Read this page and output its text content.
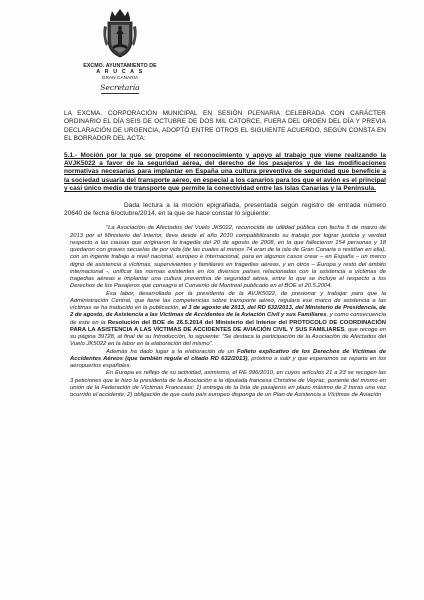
EXCMO. AYUNTAMIENTO DE
A R U C A S
GRAN CANARIA
Secretaría

LA EXCMA. CORPORACIÓN MUNICIPAL EN SESIÓN PLENARIA CELEBRADA CON CARÁCTER ORDINARIO EL DÍA SEIS DE OCTUBRE DE DOS MIL CATORCE, FUERA DEL ORDEN DEL DÍA Y PREVIA DECLARACIÓN DE URGENCIA, ADOPTÓ ENTRE OTROS EL SIGUIENTE ACUERDO, SEGÚN CONSTA EN EL BORRADOR DEL ACTA:

5.1.- Moción por la que se propone el reconocimiento y apoyo al trabajo que viene realizando la AVJK5022 a favor de la seguridad aérea, del derecho de los pasajeros y de las modificaciones normativas necesarias para implantar en España una cultura preventiva de seguridad que beneficie a la sociedad usuaria del transporte aéreo, en especial a los canarios para los que el avión es el principal y casi único medio de transporte que permite la conectividad entre las Islas Canarias y la Península.

Dada lectura a la moción epigrafiada, presentada según registro de entrada número 20640 de fecha 6/octubre/2014, en la que se hace constar lo siguiente:

"La Asociación de Afectados del Vuelo JK5022, reconocida de utilidad pública con fecha 5 de marzo de 2013 por el Ministerio del Interior, lleva desde el año 2010 compatibilizando su trabajo por lograr justicia y verdad respecto a las causas que originaron la tragedia del 20 de agosto de 2008, en la que fallecieron 154 personas y 18 quedaron con graves secuelas de por vida (de las cuales al menos 74 eran de la isla de Gran Canaria o residían en ella), con un ingente trabajo a nivel nacional, europeo e internacional, para en algunos casos crear – en España – un marco digno de asistencia a víctimas, supervivientes y familiares en tragedias aéreas, y en otros – Europa y resto del ámbito internacional -, unificar las normas existentes en los diversos países relacionadas con la asistencia a víctimas de tragedias aéreas e implantar una cultura preventiva de seguridad aérea, entre lo que se incluye el respecto a los Derechos de los Pasajeros que consagra el Convenio de Montreal publicado en el BOE el 20.5.2004.

Esa labor, desarrollada por la presidenta de la AVJK5022, de presionar y trabajar para que la Administración Central, que tiene las competencias sobre transporte aéreo, regulara ese marco de asistencia a las víctimas se ha traducido en la publicación, el 3 de agosto de 2013, del RD 632/2013, del Ministerio de Presidencia, de 2 de agosto, de Asistencia a las Víctimas de Accidentes de la Aviación Civil y sus Familiares, y como consecuencia de este en la Resolución del BOE de 26.5.2014 del Ministerio del Interior del PROTOCOLO DE COORDINACIÓN PARA LA ASISTENCIA A LAS VÍCTIMAS DE ACCIDENTES DE AVIACIÓN CIVIL Y SUS FAMILIARES, que recoge en su página 39728, al final de su Introducción, lo siguiente: "Se destaca la participación de la Asociación de Afectados del Vuelo JK5022 en la labor en la elaboración del mismo".

Además ha dado lugar a la elaboración de un Folleto explicativo de los Derechos de Víctimas de Accidentes Aéreos (que también regula el citado RD 632/2013), próximo a salir y que esperamos se reparta en los aeropuertos españoles.

En Europa es reflejo de su actividad, asimismo, el RE 996/2010, en cuyos artículos 21 a 23 se recogen las 3 peticiones que le hizo la presidenta de la Asociación a la diputada francesa Christine de Veyrac, ponente del mismo en unión de la Federación de Víctimas Francesas: 1) entrega de la lista de pasajeros en plazo máximo de 2 horas una vez ocurrido el accidente; 2) obligación de que cada país europeo disponga de un Plan de Asistencia a Víctimas de Aviación
